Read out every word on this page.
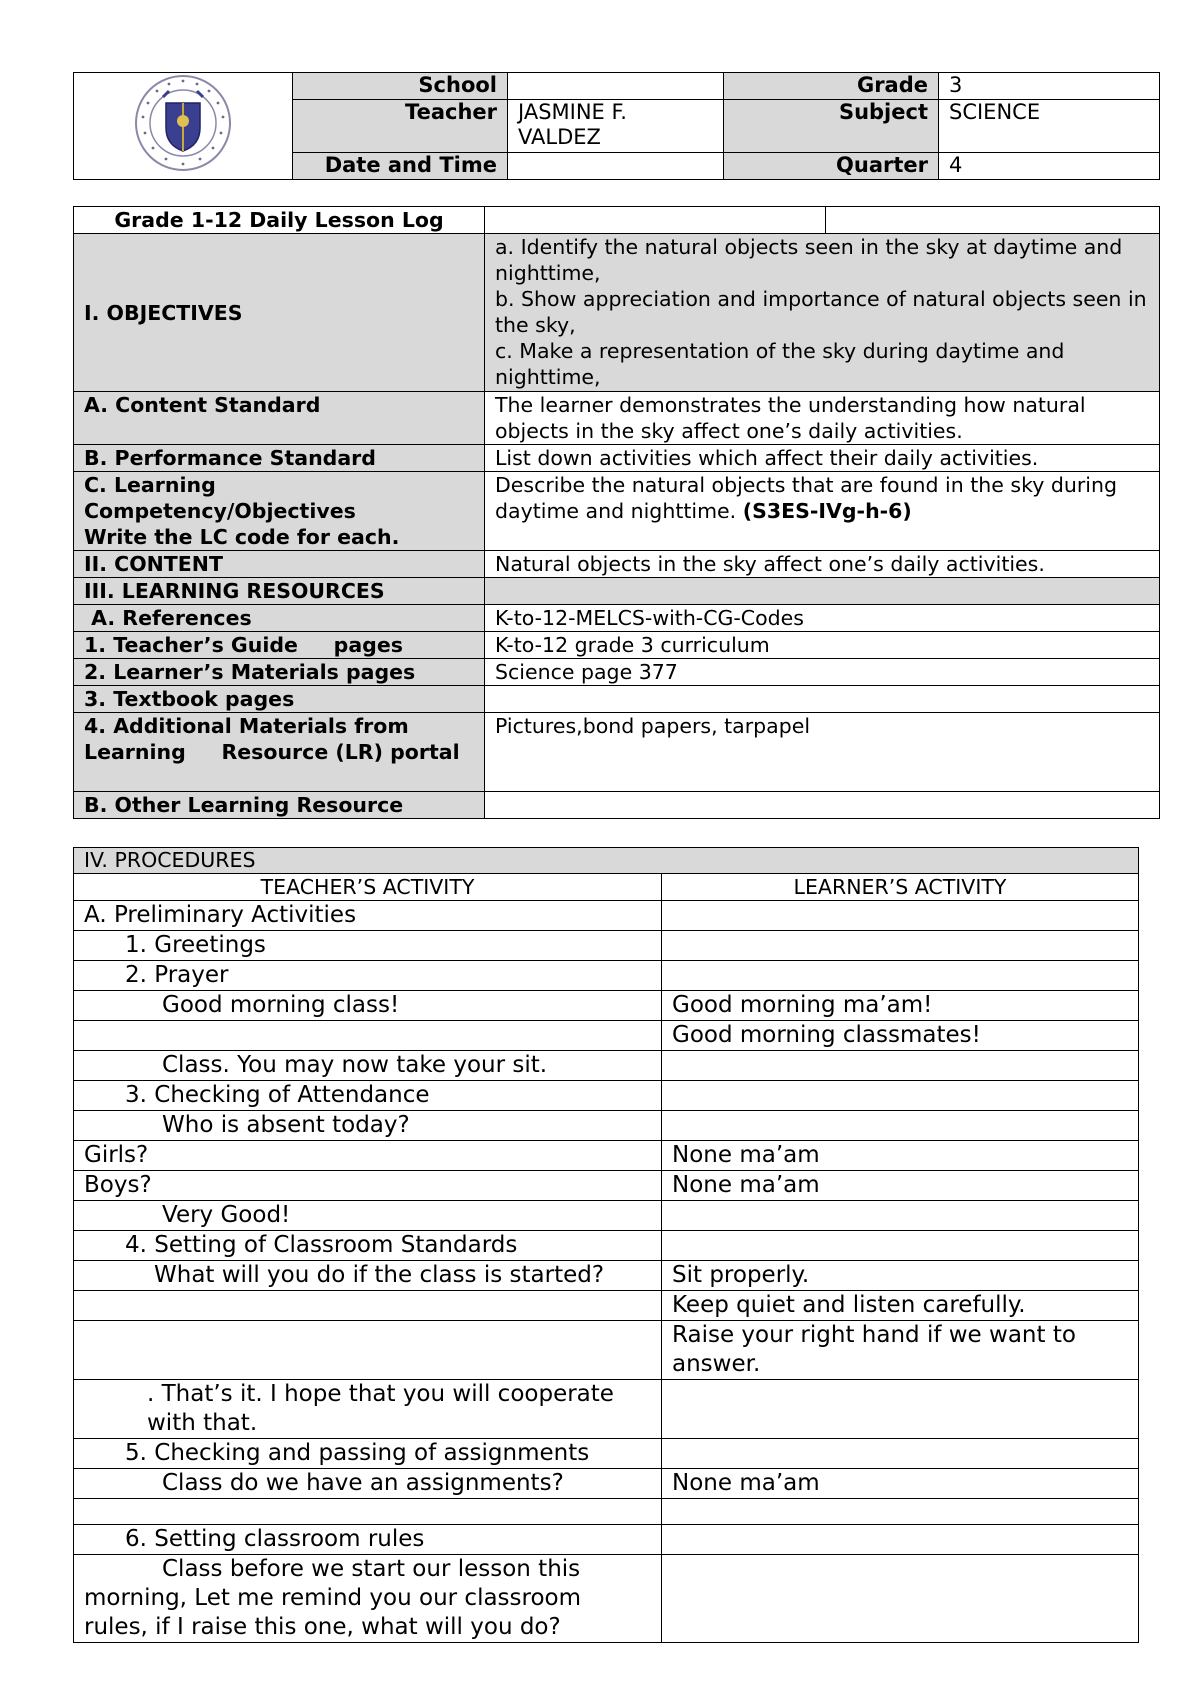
	School		Grade	3
	Teacher	JASMINE F. VALDEZ	Subject	SCIENCE
	Date and Time		Quarter	4
Grade 1-12 Daily Lesson Log		
I. OBJECTIVES	a. Identify the natural objects seen in the sky at daytime and nighttime,
b. Show appreciation and importance of natural objects seen in the sky,
c. Make a representation of the sky during daytime and nighttime,	

A. Content Standard	The learner demonstrates the understanding how natural objects in the sky affect one’s daily activities.	
B. Performance Standard	List down activities which affect their daily activities.	

C. Learning Competency/Objectives
Write the LC code for each.	Describe the natural objects that are found in the sky during daytime and nighttime. (S3ES-IVg-h-6)	
II. CONTENT	Natural objects in the sky affect one’s daily activities.	
III. LEARNING RESOURCES		
A. References	K-to-12-MELCS-with-CG-Codes	
1. Teacher’s Guide     pages	K-to-12 grade 3 curriculum	
2. Learner’s Materials pages	Science page 377	
3. Textbook pages		
4. Additional Materials from Learning     Resource (LR) portal	Pictures,bond papers, tarpapel	
B. Other Learning Resource		
IV. PROCEDURES	
TEACHER’S ACTIVITY	LEARNER’S ACTIVITY
A. Preliminary Activities	
1. Greetings	
2. Prayer	
Good morning class!	Good morning ma’am!
	Good morning classmates!
Class. You may now take your sit.	
3. Checking of Attendance	
Who is absent today?	
Girls?	None ma’am
Boys?	None ma’am
Very Good!	
4. Setting of Classroom Standards	
What will you do if the class is started?	Sit properly.
	Keep quiet and listen carefully.
	Raise your right hand if we want to answer.
. That’s it. I hope that you will cooperate with that.	
5. Checking and passing of assignments	
Class do we have an assignments?	None ma’am

6. Setting classroom rules	
Class before we start our lesson this morning, Let me remind you our classroom rules, if I raise this one, what will you do?	
